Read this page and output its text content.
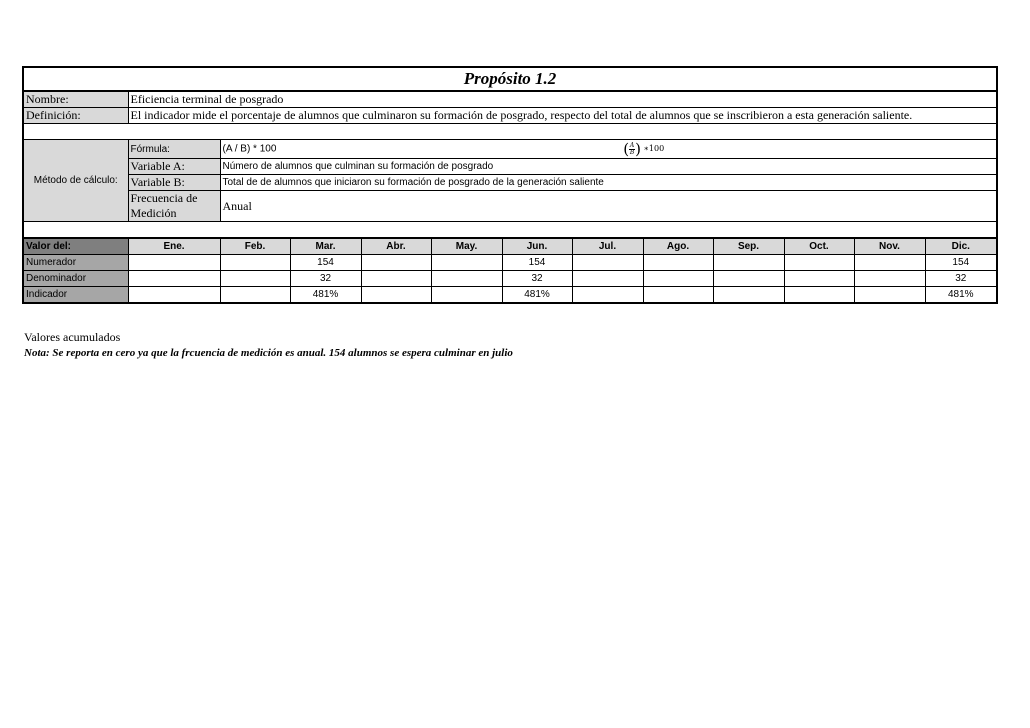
Propósito 1.2												
Nombre:	Eficiencia terminal de posgrado											
Definición:	El indicador mide el porcentaje de alumnos que culminaron su formación de posgrado, respecto del total de alumnos que se inscribieron a esta generación saliente.											

Método de cálculo:	Fórmula:	(A / B) * 100 ( $\frac{A}{B}$ ) ∗100										
	Variable A:	Número de alumnos que culminan su formación de posgrado										
	Variable B:	Total de de alumnos que iniciaron su formación de posgrado de la generación saliente										
	Frecuencia de Medición	Anual										

Valor del:	Ene.	Feb.	Mar.	Abr.	May.	Jun.	Jul.	Ago.	Sep.	Oct.	Nov.	Dic.
Numerador			154			154						154
Denominador			32			32						32
Indicador			481%			481%						481%
Valores acumulados
Nota: Se reporta en cero ya que la frcuencia de medición es anual. 154 alumnos se espera culminar en julio
